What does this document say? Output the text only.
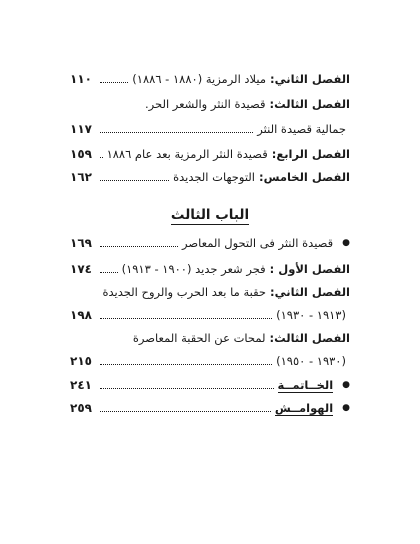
الفصل الثاني:
ميلاد الرمزية (١٨٨٠ - ١٨٨٦)
١١٠
الفصل الثالث:
قصيدة النثر والشعر الحر.
جمالية قصيدة النثر
١١٧
الفصل الرابع:
قصيدة النثر الرمزية بعد عام ١٨٨٦
١٥٩
الفصل الخامس:
التوجهات الجديدة
١٦٢
الباب الثالث
●
قصيدة النثر فى التحول المعاصر
١٦٩
الفصل الأول :
فجر شعر جديد (١٩٠٠ - ١٩١٣)
١٧٤
الفصل الثاني:
حقبة ما بعد الحرب والروح الجديدة
(١٩١٣ - ١٩٣٠)
١٩٨
الفصل الثالث:
لمحات عن الحقبة المعاصرة
(١٩٣٠ - ١٩٥٠)
٢١٥
●
الخــاتمــة
٢٤١
●
الهوامــش
٢٥٩
